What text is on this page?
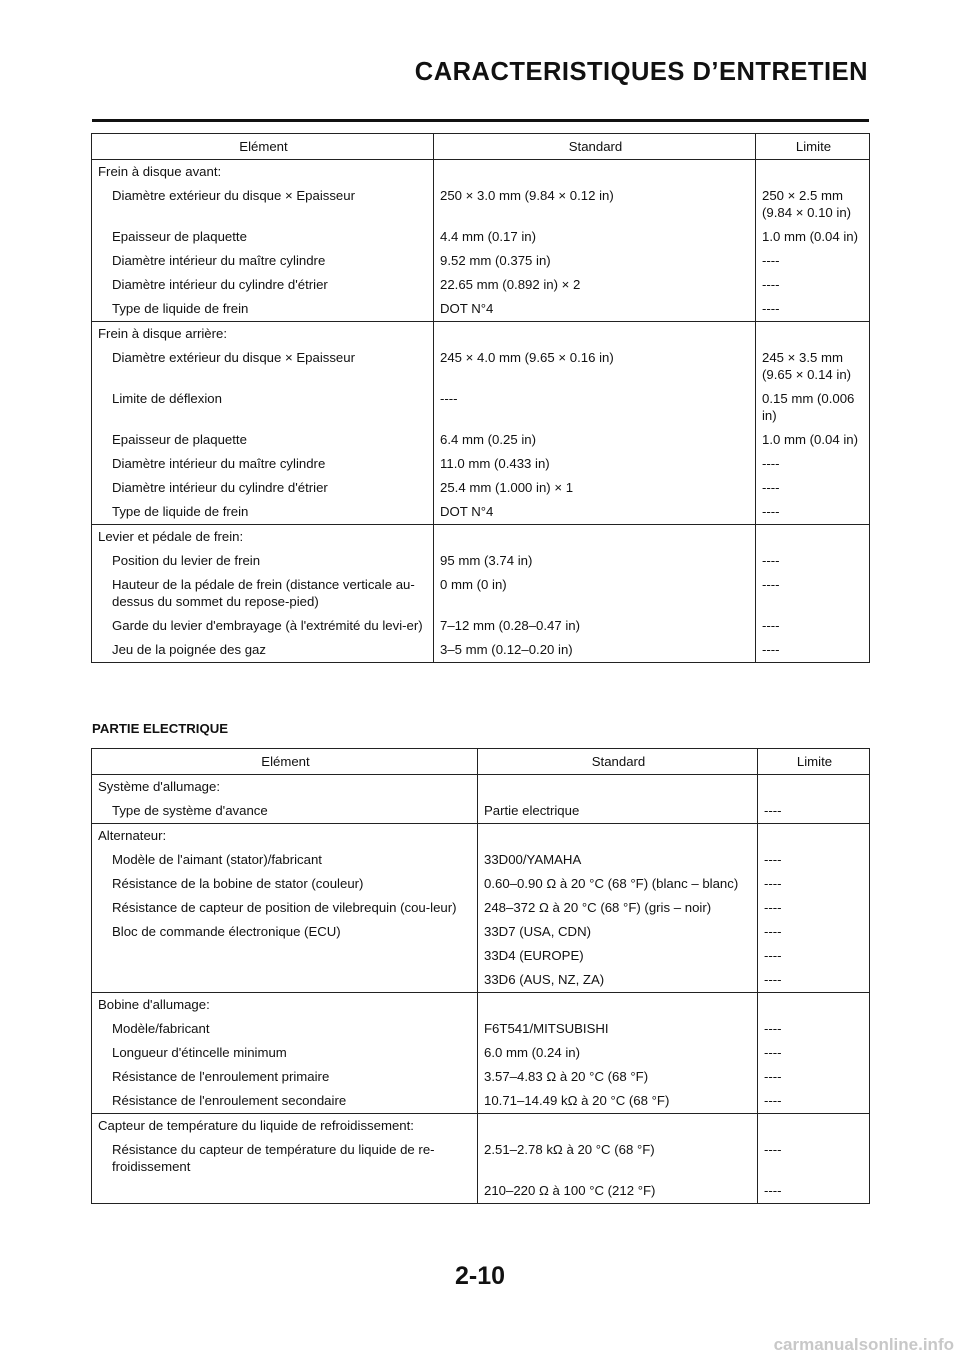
CARACTERISTIQUES D’ENTRETIEN
Elément	Standard	Limite
Frein à disque avant:		
Diamètre extérieur du disque × Epaisseur	250 × 3.0 mm (9.84 × 0.12 in)	250 × 2.5 mm (9.84 × 0.10 in)
Epaisseur de plaquette	4.4 mm (0.17 in)	1.0 mm (0.04 in)
Diamètre intérieur du maître cylindre	9.52 mm (0.375 in)	----
Diamètre intérieur du cylindre d'étrier	22.65 mm (0.892 in) × 2	----
Type de liquide de frein	DOT N°4	----
Frein à disque arrière:		
Diamètre extérieur du disque × Epaisseur	245 × 4.0 mm (9.65 × 0.16 in)	245 × 3.5 mm (9.65 × 0.14 in)
Limite de déflexion	----	0.15 mm (0.006 in)
Epaisseur de plaquette	6.4 mm (0.25 in)	1.0 mm (0.04 in)
Diamètre intérieur du maître cylindre	11.0 mm (0.433 in)	----
Diamètre intérieur du cylindre d'étrier	25.4 mm (1.000 in) × 1	----
Type de liquide de frein	DOT N°4	----
Levier et pédale de frein:		
Position du levier de frein	95 mm (3.74 in)	----
Hauteur de la pédale de frein (distance verticale au-dessus du sommet du repose-pied)	0 mm (0 in)	----
Garde du levier d'embrayage (à l'extrémité du levi-er)	7–12 mm (0.28–0.47 in)	----
Jeu de la poignée des gaz	3–5 mm (0.12–0.20 in)	----
PARTIE ELECTRIQUE
Elément	Standard	Limite
Système d'allumage:		
Type de système d'avance	Partie electrique	----
Alternateur:		
Modèle de l'aimant (stator)/fabricant	33D00/YAMAHA	----
Résistance de la bobine de stator (couleur)	0.60–0.90 Ω à 20 °C (68 °F) (blanc – blanc)	----
Résistance de capteur de position de vilebrequin (cou-leur)	248–372 Ω à 20 °C (68 °F) (gris – noir)	----
Bloc de commande électronique (ECU)	33D7 (USA, CDN)	----
	33D4 (EUROPE)	----
	33D6 (AUS, NZ, ZA)	----
Bobine d'allumage:		
Modèle/fabricant	F6T541/MITSUBISHI	----
Longueur d'étincelle minimum	6.0 mm (0.24 in)	----
Résistance de l'enroulement primaire	3.57–4.83 Ω à 20 °C (68 °F)	----
Résistance de l'enroulement secondaire	10.71–14.49 kΩ à 20 °C (68 °F)	----
Capteur de température du liquide de refroidissement:		
Résistance du capteur de température du liquide de re-froidissement	2.51–2.78 kΩ à 20 °C (68 °F)	----
	210–220 Ω à 100 °C (212 °F)	----
2-10
carmanualsonline.info
